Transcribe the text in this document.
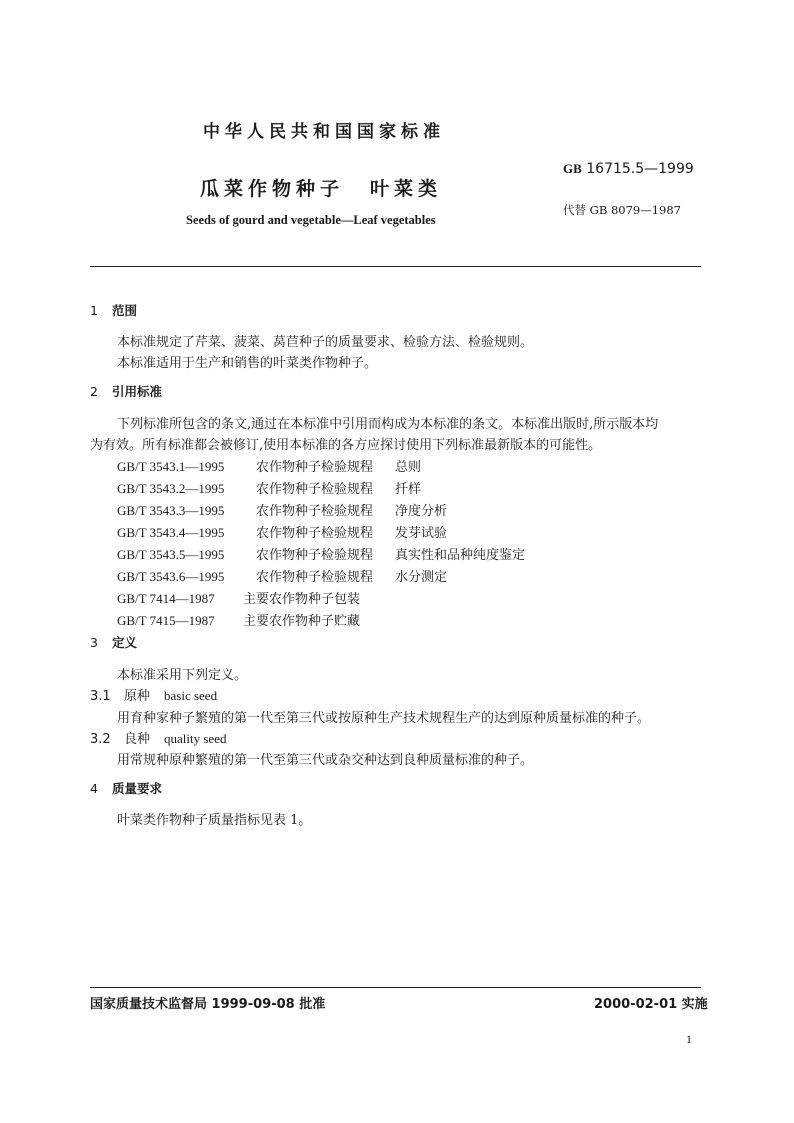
中华人民共和国国家标准
瓜菜作物种子 叶菜类
Seeds of gourd and vegetable—Leaf vegetables
GB 16715.5—1999
代替 GB 8079—1987
1 范围
本标准规定了芹菜、菠菜、莴苣种子的质量要求、检验方法、检验规则。
本标准适用于生产和销售的叶菜类作物种子。
2 引用标准
下列标准所包含的条文,通过在本标准中引用而构成为本标准的条文。本标准出版时,所示版本均
为有效。所有标准都会被修订,使用本标准的各方应探讨使用下列标准最新版本的可能性。
GB/T 3543.1—1995 农作物种子检验规程 总则
GB/T 3543.2—1995 农作物种子检验规程 扦样
GB/T 3543.3—1995 农作物种子检验规程 净度分析
GB/T 3543.4—1995 农作物种子检验规程 发芽试验
GB/T 3543.5—1995 农作物种子检验规程 真实性和品种纯度鉴定
GB/T 3543.6—1995 农作物种子检验规程 水分测定
GB/T 7414—1987 主要农作物种子包装
GB/T 7415—1987 主要农作物种子贮藏
3 定义
本标准采用下列定义。
3.1 原种 basic seed
用育种家种子繁殖的第一代至第三代或按原种生产技术规程生产的达到原种质量标准的种子。
3.2 良种 quality seed
用常规种原种繁殖的第一代至第三代或杂交种达到良种质量标准的种子。
4 质量要求
叶菜类作物种子质量指标见表 1。
国家质量技术监督局 1999-09-08 批准	2000-02-01 实施
1
